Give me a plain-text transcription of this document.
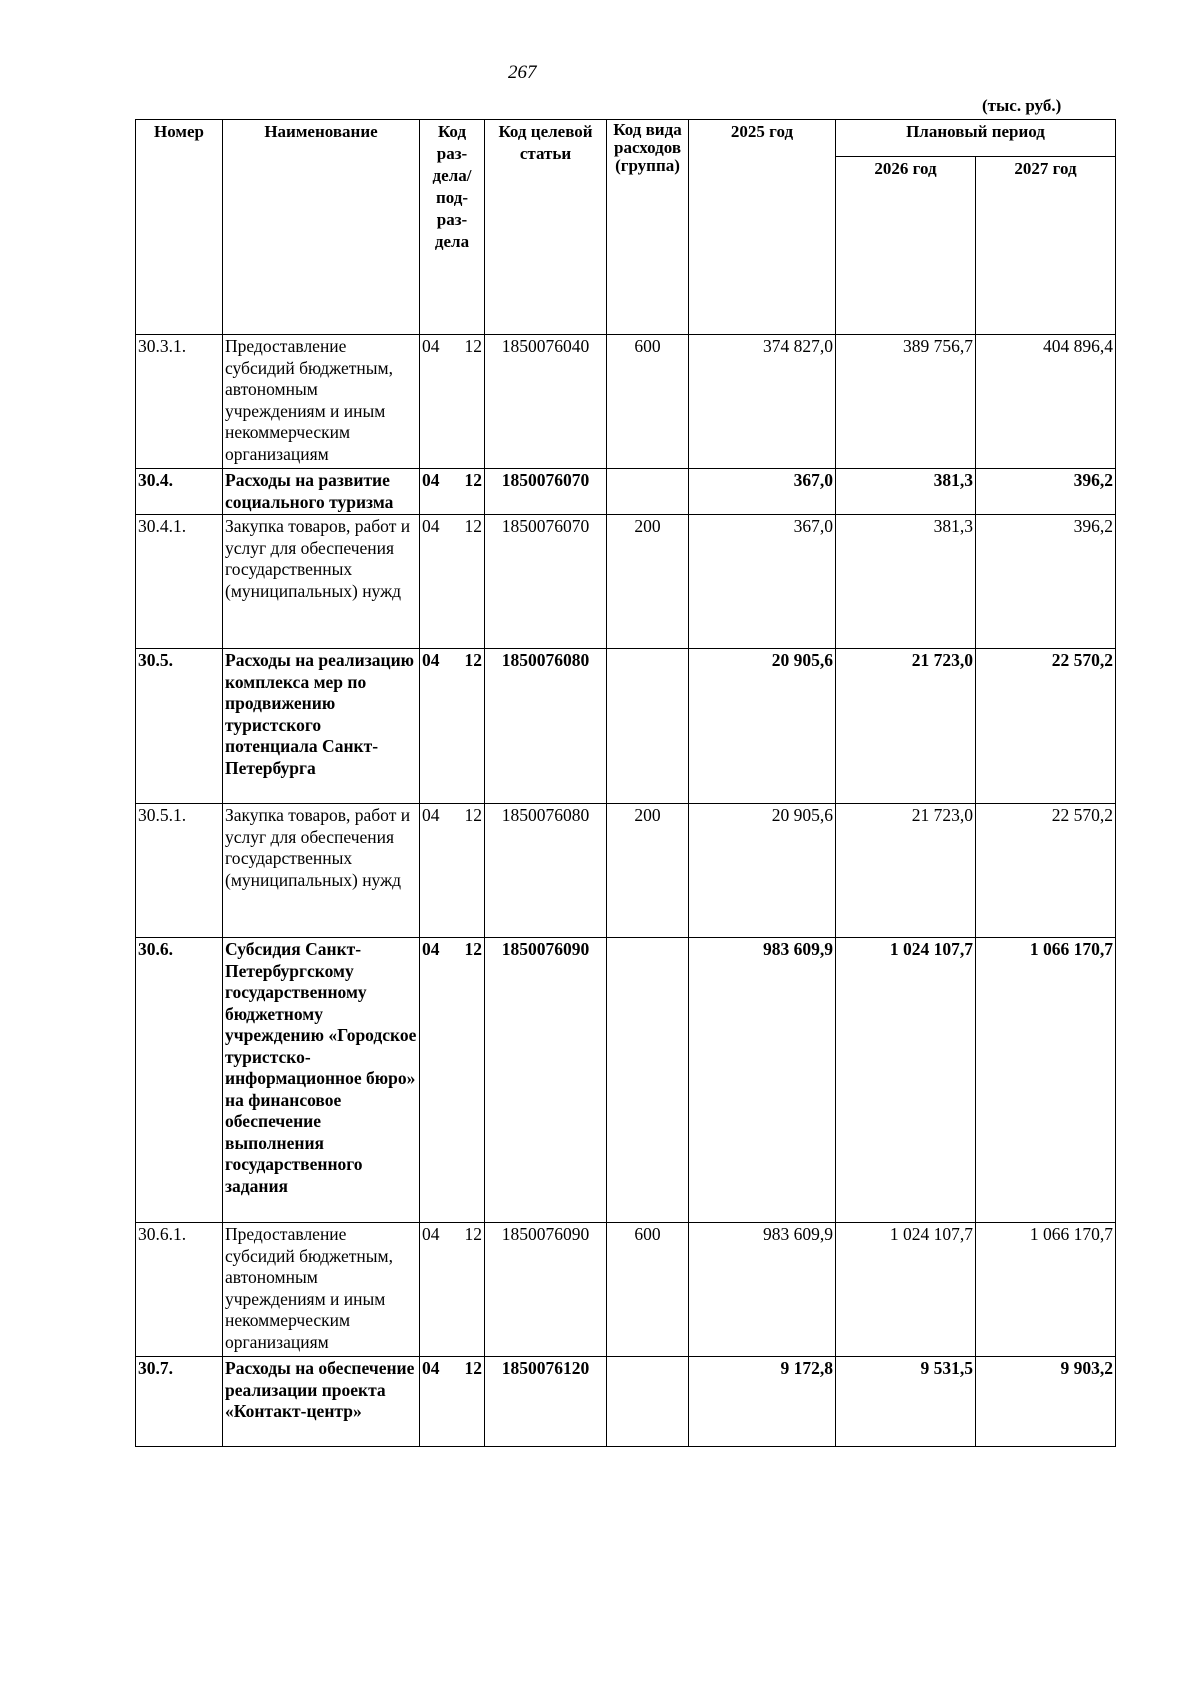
267
(тыс. руб.)
Номер	Наименование	Код раз-дела/ под-раз-дела	Код целевой статьи	Код вида расходов (группа)	2025 год	Плановый период	
						2026 год	2027 год
30.3.1.	Предоставление субсидий бюджетным, автономным учреждениям и иным некоммерческим организациям	04 12	1850076040	600	374 827,0	389 756,7	404 896,4
30.4.	Расходы на развитие социального туризма	04 12	1850076070		367,0	381,3	396,2
30.4.1.	Закупка товаров, работ и услуг для обеспечения государственных (муниципальных) нужд	04 12	1850076070	200	367,0	381,3	396,2
30.5.	Расходы на реализацию комплекса мер по продвижению туристского потенциала Санкт-Петербурга	04 12	1850076080		20 905,6	21 723,0	22 570,2
30.5.1.	Закупка товаров, работ и услуг для обеспечения государственных (муниципальных) нужд	04 12	1850076080	200	20 905,6	21 723,0	22 570,2
30.6.	Субсидия Санкт-Петербургскому государственному бюджетному учреждению «Городское туристско-информационное бюро» на финансовое обеспечение выполнения государственного задания	04 12	1850076090		983 609,9	1 024 107,7	1 066 170,7
30.6.1.	Предоставление субсидий бюджетным, автономным учреждениям и иным некоммерческим организациям	04 12	1850076090	600	983 609,9	1 024 107,7	1 066 170,7
30.7.	Расходы на обеспечение реализации проекта «Контакт-центр»	04 12	1850076120		9 172,8	9 531,5	9 903,2
